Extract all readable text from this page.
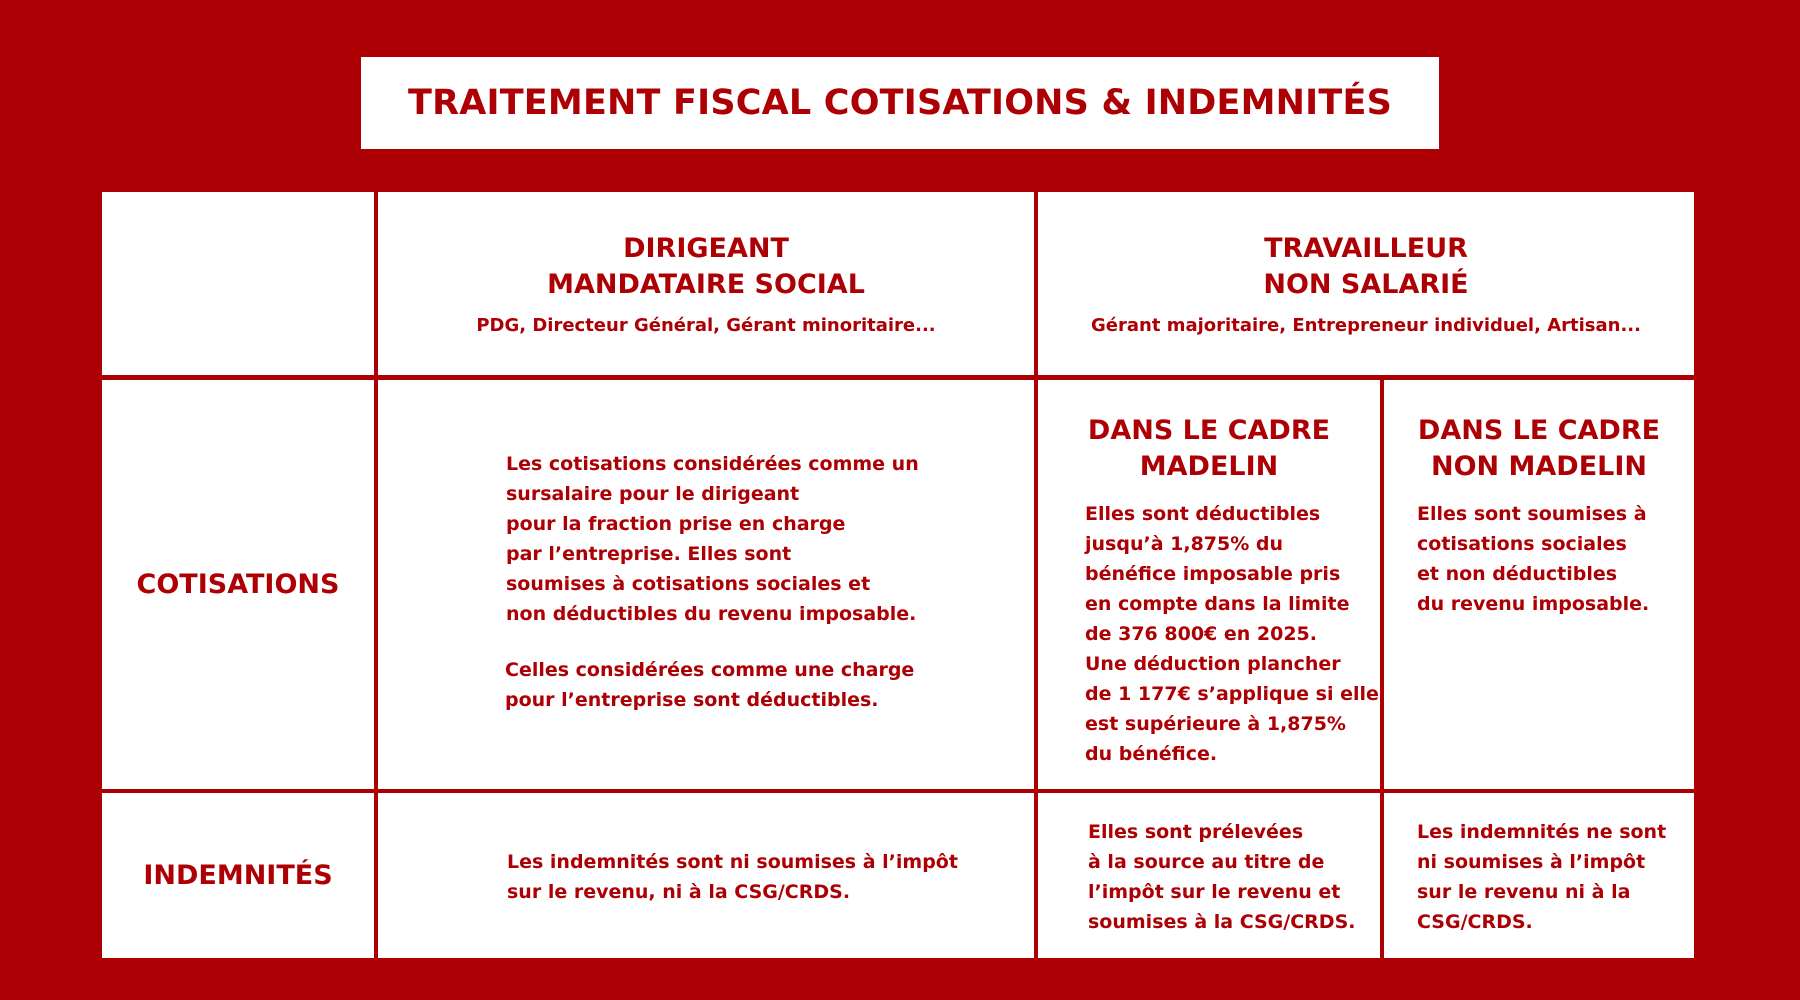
TRAITEMENT FISCAL COTISATIONS & INDEMNITÉS
DIRIGEANT
MANDATAIRE SOCIAL
PDG, Directeur Général, Gérant minoritaire...
TRAVAILLEUR
NON SALARIÉ
Gérant majoritaire, Entrepreneur individuel, Artisan...
COTISATIONS
Les cotisations considérées comme un
sursalaire pour le dirigeant
pour la fraction prise en charge
par l’entreprise. Elles sont
soumises à cotisations sociales et
non déductibles du revenu imposable.
Celles considérées comme une charge
pour l’entreprise sont déductibles.
DANS LE CADRE
MADELIN
Elles sont déductibles
jusqu’à 1,875% du
bénéfice imposable pris
en compte dans la limite
de 376 800€ en 2025.
Une déduction plancher
de 1 177€ s’applique si elle
est supérieure à 1,875%
du bénéfice.
DANS LE CADRE
NON MADELIN
Elles sont soumises à
cotisations sociales
et non déductibles
du revenu imposable.
INDEMNITÉS	Les indemnités sont ni soumises à l’impôt
sur le revenu, ni à la CSG/CRDS.
Elles sont prélevées
à la source au titre de
l’impôt sur le revenu et
soumises à la CSG/CRDS.
Les indemnités ne sont
ni soumises à l’impôt
sur le revenu ni à la
CSG/CRDS.
